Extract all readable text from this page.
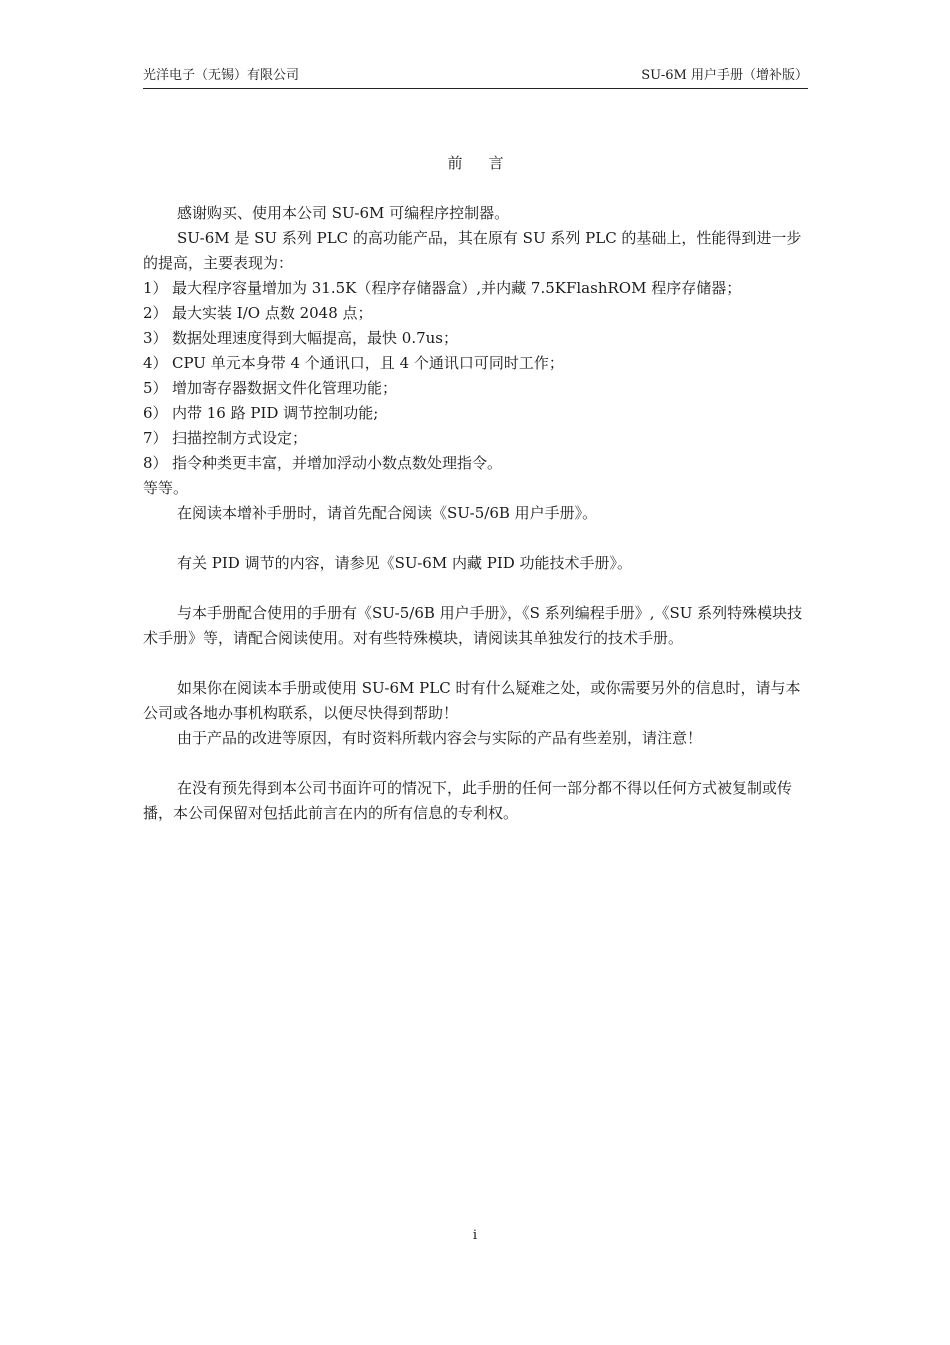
光洋电子（无锡）有限公司	SU-6M 用户手册（增补版）
前言

感谢购买、使用本公司 SU-6M 可编程序控制器。

SU-6M 是 SU 系列 PLC 的高功能产品，其在原有 SU 系列 PLC 的基础上，性能得到进一步的提高，主要表现为：

1） 最大程序容量增加为 31.5K（程序存储器盒）,并内藏 7.5KFlashROM 程序存储器；
2） 最大实装 I/O 点数 2048 点；
3） 数据处理速度得到大幅提高，最快 0.7us；
4） CPU 单元本身带 4 个通讯口，且 4 个通讯口可同时工作；
5） 增加寄存器数据文件化管理功能；
6） 内带 16 路 PID 调节控制功能;
7） 扫描控制方式设定；
8） 指令种类更丰富，并增加浮动小数点数处理指令。

等等。

在阅读本增补手册时，请首先配合阅读《SU-5/6B 用户手册》。

有关 PID 调节的内容，请参见《SU-6M 内藏 PID 功能技术手册》。

与本手册配合使用的手册有《SU-5/6B 用户手册》，《S 系列编程手册》,《SU 系列特殊模块技术手册》等，请配合阅读使用。对有些特殊模块，请阅读其单独发行的技术手册。

如果你在阅读本手册或使用 SU-6M PLC 时有什么疑难之处，或你需要另外的信息时，请与本公司或各地办事机构联系，以便尽快得到帮助！

由于产品的改进等原因，有时资料所载内容会与实际的产品有些差别，请注意！

在没有预先得到本公司书面许可的情况下，此手册的任何一部分都不得以任何方式被复制或传播，本公司保留对包括此前言在内的所有信息的专利权。

i
